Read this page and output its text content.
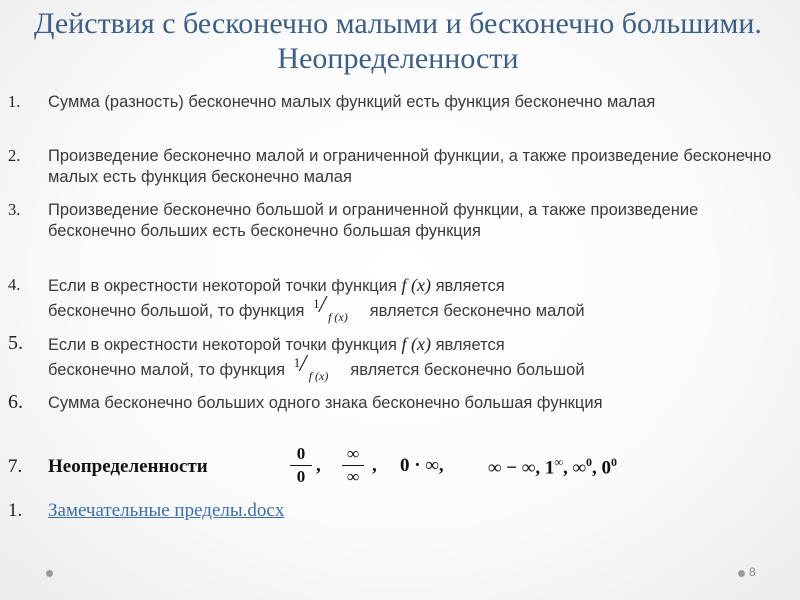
Действия с бесконечно малыми и бесконечно большими. Неопределенности
1.	Сумма (разность) бесконечно малых функций есть функция бесконечно малая
2.	Произведение бесконечно малой и ограниченной функции, а также произведение бесконечно малых есть функция бесконечно малая
3.	Произведение бесконечно большой и ограниченной функции, а также произведение бесконечно больших есть бесконечно большая функция
4.	Если в окрестности некоторой точки функция f (x) является
бесконечно большой, то функция 1 / f (x) является бесконечно малой
5.	Если в окрестности некоторой точки функция f (x) является
бесконечно малой, то функция 1 / f (x) является бесконечно большой
6.	Сумма бесконечно больших одного знака бесконечно большая функция
7. Неопределенности
0
0
,
∞
∞
, 0 · ∞, ∞ − ∞, 1∞, ∞$^0$, $0^0$
1. Замечательные пределы.docx
8
